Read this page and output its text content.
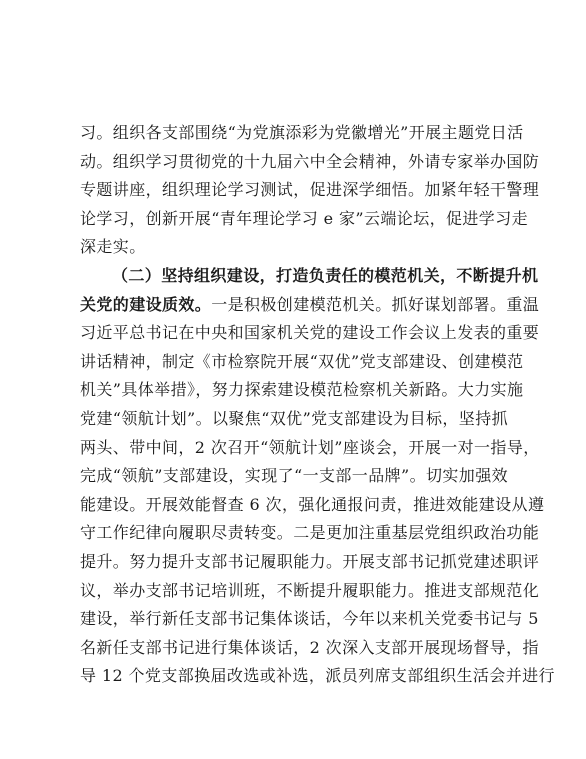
习。组织各支部围绕“为党旗添彩为党徽增光”开展主题党日活
动。组织学习贯彻党的十九届六中全会精神，外请专家举办国防
专题讲座，组织理论学习测试，促进深学细悟。加紧年轻干警理
论学习，创新开展“青年理论学习 e 家”云端论坛，促进学习走
深走实。
（二）坚持组织建设，打造负责任的模范机关，不断提升机
关党的建设质效。一是积极创建模范机关。抓好谋划部署。重温
习近平总书记在中央和国家机关党的建设工作会议上发表的重要
讲话精神，制定《市检察院开展“双优”党支部建设、创建模范
机关”具体举措》，努力探索建设模范检察机关新路。大力实施
党建“领航计划”。以聚焦“双优”党支部建设为目标，坚持抓
两头、带中间，2 次召开“领航计划”座谈会，开展一对一指导，
完成“领航”支部建设，实现了“一支部一品牌”。切实加强效
能建设。开展效能督查 6 次，强化通报问责，推进效能建设从遵
守工作纪律向履职尽责转变。二是更加注重基层党组织政治功能
提升。努力提升支部书记履职能力。开展支部书记抓党建述职评
议，举办支部书记培训班，不断提升履职能力。推进支部规范化
建设，举行新任支部书记集体谈话，今年以来机关党委书记与 5
名新任支部书记进行集体谈话，2 次深入支部开展现场督导，指
导 12 个党支部换届改选或补选，派员列席支部组织生活会并进行
